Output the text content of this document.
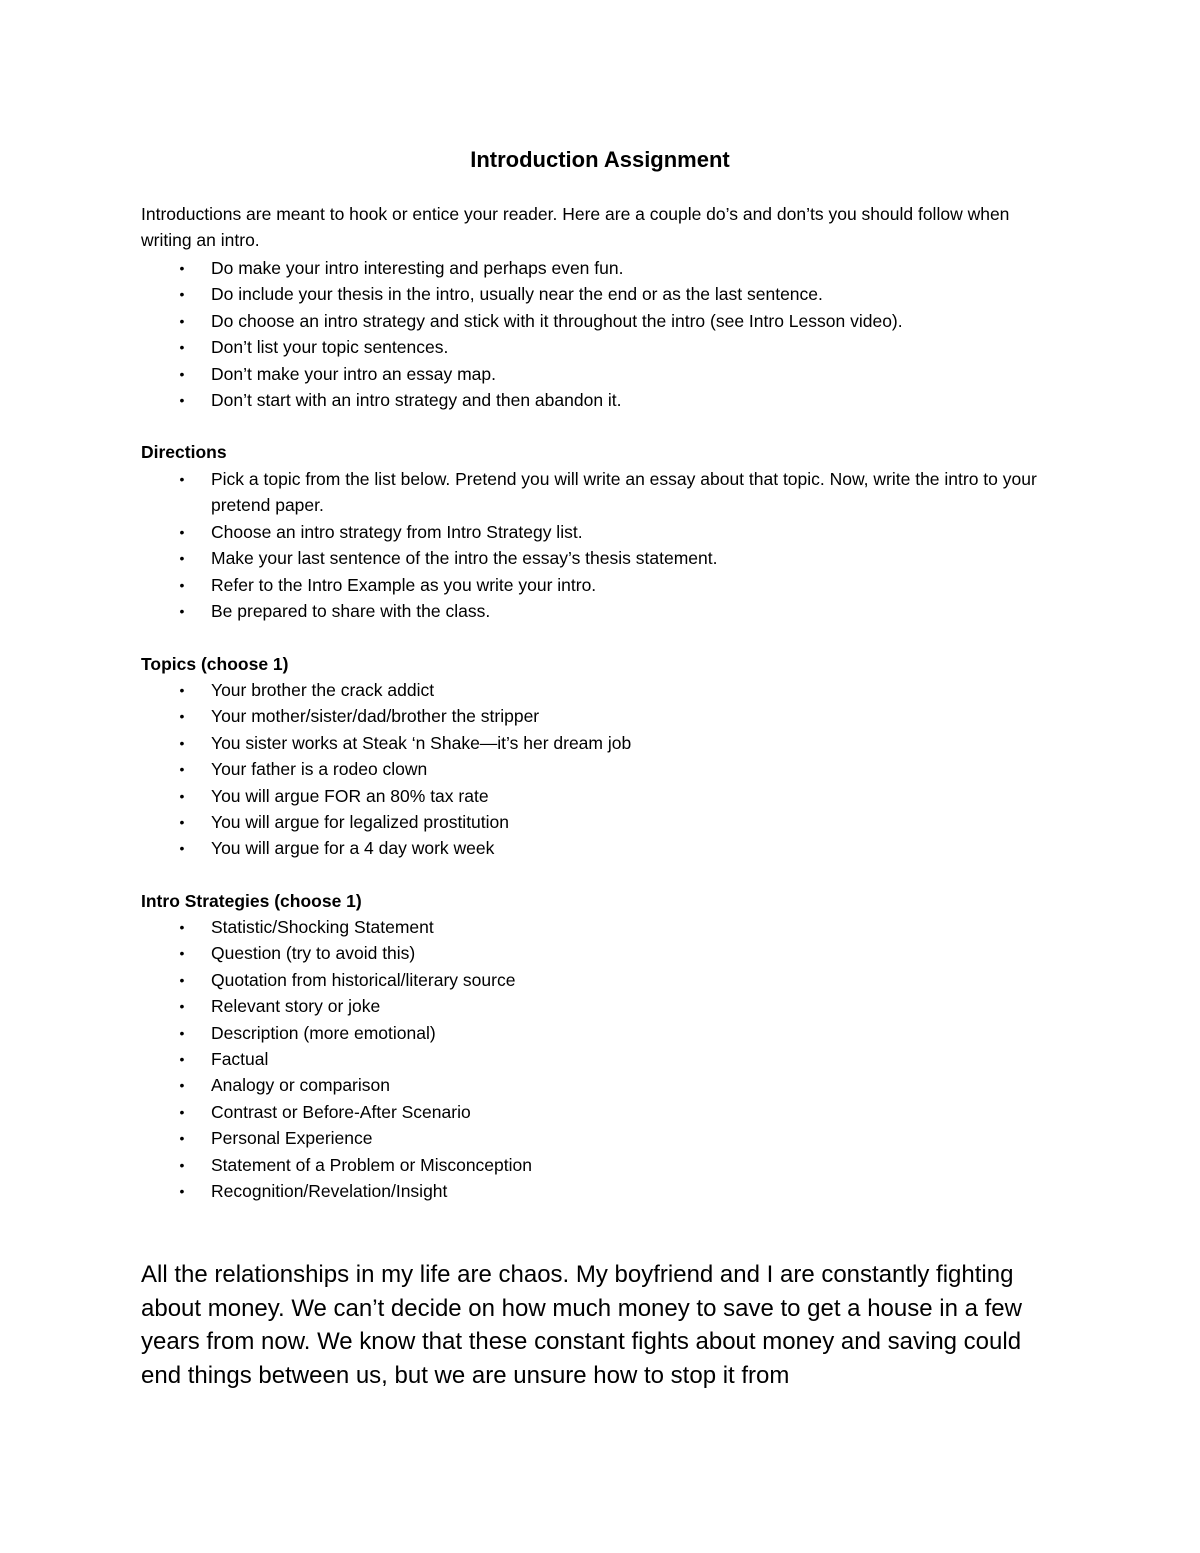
Introduction Assignment

Introductions are meant to hook or entice your reader. Here are a couple do’s and don’ts you should follow when writing an intro.

• Do make your intro interesting and perhaps even fun.
• Do include your thesis in the intro, usually near the end or as the last sentence.
• Do choose an intro strategy and stick with it throughout the intro (see Intro Lesson video).
• Don’t list your topic sentences.
• Don’t make your intro an essay map.
• Don’t start with an intro strategy and then abandon it.

Directions

• Pick a topic from the list below. Pretend you will write an essay about that topic. Now, write the intro to your pretend paper.
• Choose an intro strategy from Intro Strategy list.
• Make your last sentence of the intro the essay’s thesis statement.
• Refer to the Intro Example as you write your intro.
• Be prepared to share with the class.

Topics (choose 1)

• Your brother the crack addict
• Your mother/sister/dad/brother the stripper
• You sister works at Steak ‘n Shake—it’s her dream job
• Your father is a rodeo clown
• You will argue FOR an 80% tax rate
• You will argue for legalized prostitution
• You will argue for a 4 day work week

Intro Strategies (choose 1)

• Statistic/Shocking Statement
• Question (try to avoid this)
• Quotation from historical/literary source
• Relevant story or joke
• Description (more emotional)
• Factual
• Analogy or comparison
• Contrast or Before-After Scenario
• Personal Experience
• Statement of a Problem or Misconception
• Recognition/Revelation/Insight

All the relationships in my life are chaos. My boyfriend and I are constantly fighting about money. We can’t decide on how much money to save to get a house in a few years from now. We know that these constant fights about money and saving could end things between us, but we are unsure how to stop it from
